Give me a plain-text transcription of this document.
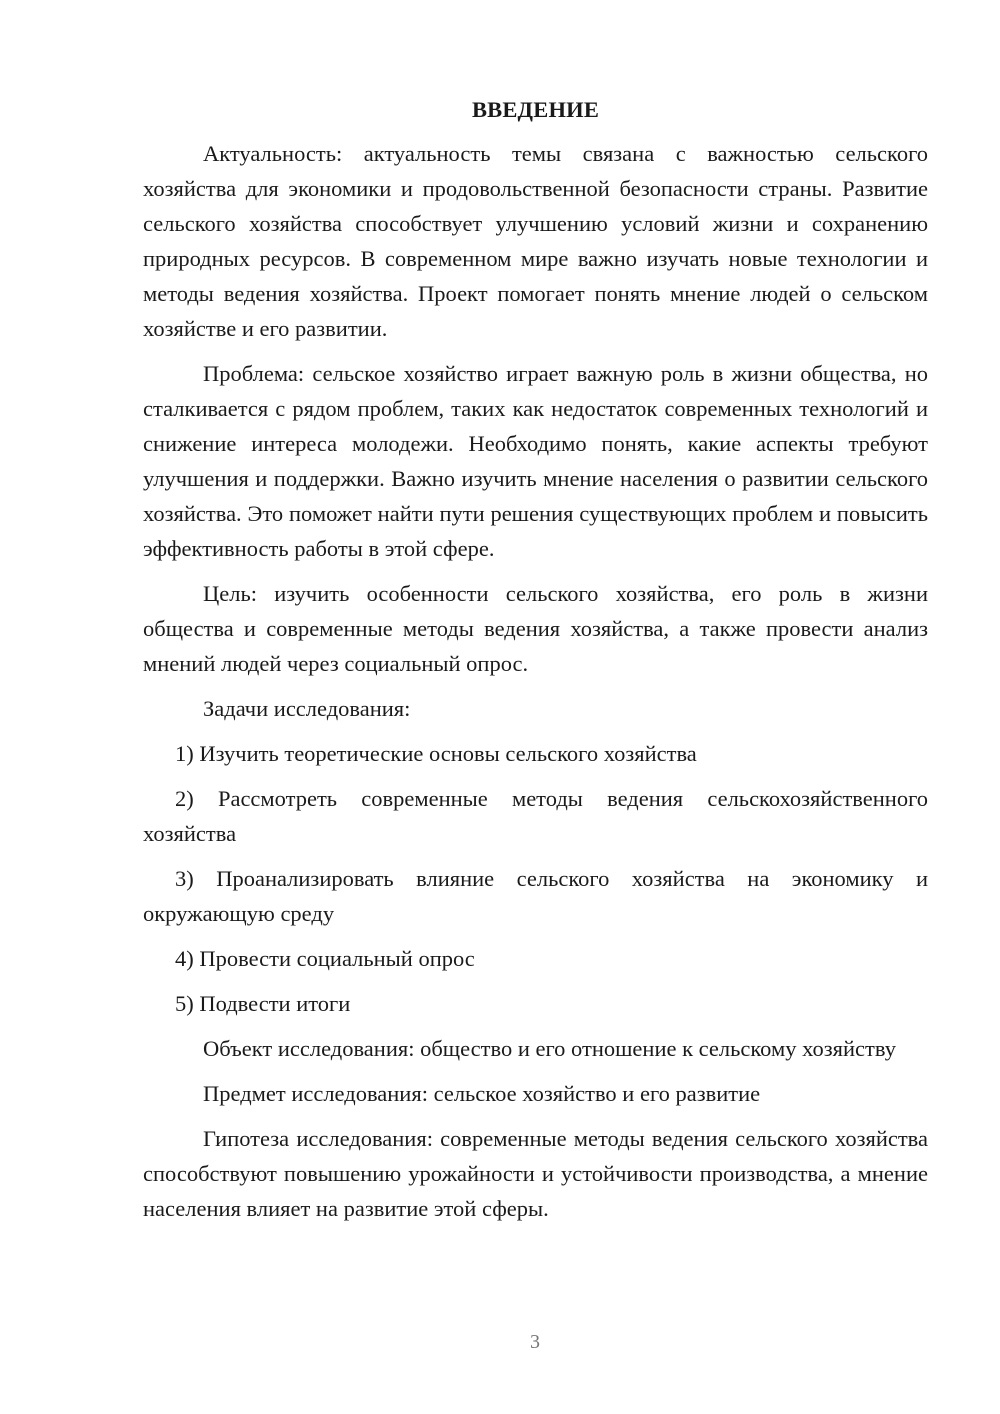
ВВЕДЕНИЕ

Актуальность: актуальность темы связана с важностью сельского хозяйства для экономики и продовольственной безопасности страны. Развитие сельского хозяйства способствует улучшению условий жизни и сохранению природных ресурсов. В современном мире важно изучать новые технологии и методы ведения хозяйства. Проект помогает понять мнение людей о сельском хозяйстве и его развитии.

Проблема: сельское хозяйство играет важную роль в жизни общества, но сталкивается с рядом проблем, таких как недостаток современных технологий и снижение интереса молодежи. Необходимо понять, какие аспекты требуют улучшения и поддержки. Важно изучить мнение населения о развитии сельского хозяйства. Это поможет найти пути решения существующих проблем и повысить эффективность работы в этой сфере.

Цель: изучить особенности сельского хозяйства, его роль в жизни общества и современные методы ведения хозяйства, а также провести анализ мнений людей через социальный опрос.

Задачи исследования:

1) Изучить теоретические основы сельского хозяйства

2) Рассмотреть современные методы ведения сельскохозяйственного хозяйства

3) Проанализировать влияние сельского хозяйства на экономику и окружающую среду

4) Провести социальный опрос

5) Подвести итоги

Объект исследования: общество и его отношение к сельскому хозяйству

Предмет исследования: сельское хозяйство и его развитие

Гипотеза исследования: современные методы ведения сельского хозяйства способствуют повышению урожайности и устойчивости производства, а мнение населения влияет на развитие этой сферы.

3
